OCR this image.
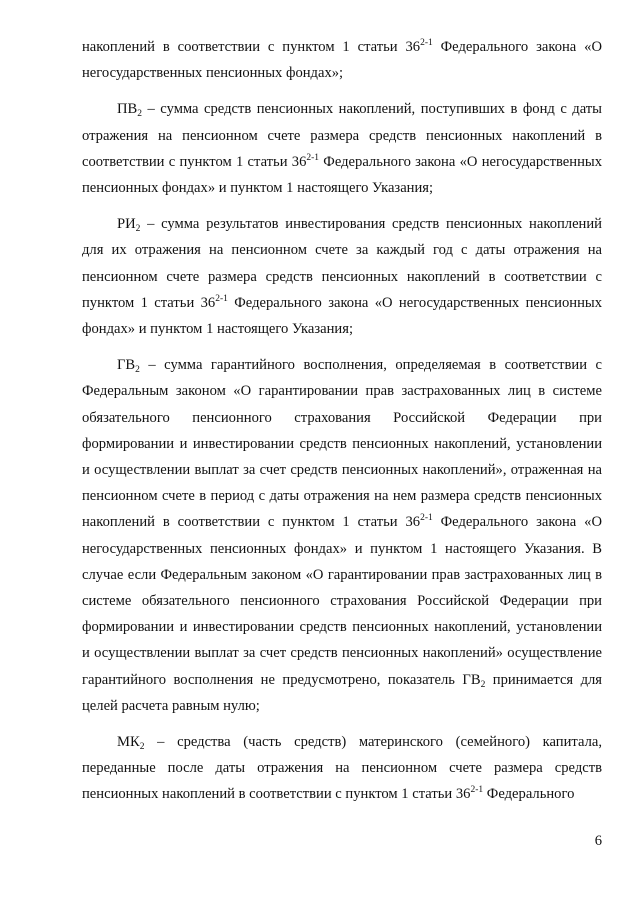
накоплений в соответствии с пунктом 1 статьи 36$^{2-1}$ Федерального закона «О негосударственных пенсионных фондах»;

$ПВ_2$ – сумма средств пенсионных накоплений, поступивших в фонд с даты отражения на пенсионном счете размера средств пенсионных накоплений в соответствии с пунктом 1 статьи 36$^{2-1}$ Федерального закона «О негосударственных пенсионных фондах» и пунктом 1 настоящего Указания;

$РИ_2$ – сумма результатов инвестирования средств пенсионных накоплений для их отражения на пенсионном счете за каждый год с даты отражения на пенсионном счете размера средств пенсионных накоплений в соответствии с пунктом 1 статьи 36$^{2-1}$ Федерального закона «О негосударственных пенсионных фондах» и пунктом 1 настоящего Указания;

$ГВ_2$ – сумма гарантийного восполнения, определяемая в соответствии с Федеральным законом «О гарантировании прав застрахованных лиц в системе обязательного пенсионного страхования Российской Федерации при формировании и инвестировании средств пенсионных накоплений, установлении и осуществлении выплат за счет средств пенсионных накоплений», отраженная на пенсионном счете в период с даты отражения на нем размера средств пенсионных накоплений в соответствии с пунктом 1 статьи 36$^{2-1}$ Федерального закона «О негосударственных пенсионных фондах» и пунктом 1 настоящего Указания. В случае если Федеральным законом «О гарантировании прав застрахованных лиц в системе обязательного пенсионного страхования Российской Федерации при формировании и инвестировании средств пенсионных накоплений, установлении и осуществлении выплат за счет средств пенсионных накоплений» осуществление гарантийного восполнения не предусмотрено, показатель $ГВ_2$ принимается для целей расчета равным нулю;

$МК_2$ – средства (часть средств) материнского (семейного) капитала, переданные после даты отражения на пенсионном счете размера средств пенсионных накоплений в соответствии с пунктом 1 статьи 36$^{2-1}$ Федерального

6
